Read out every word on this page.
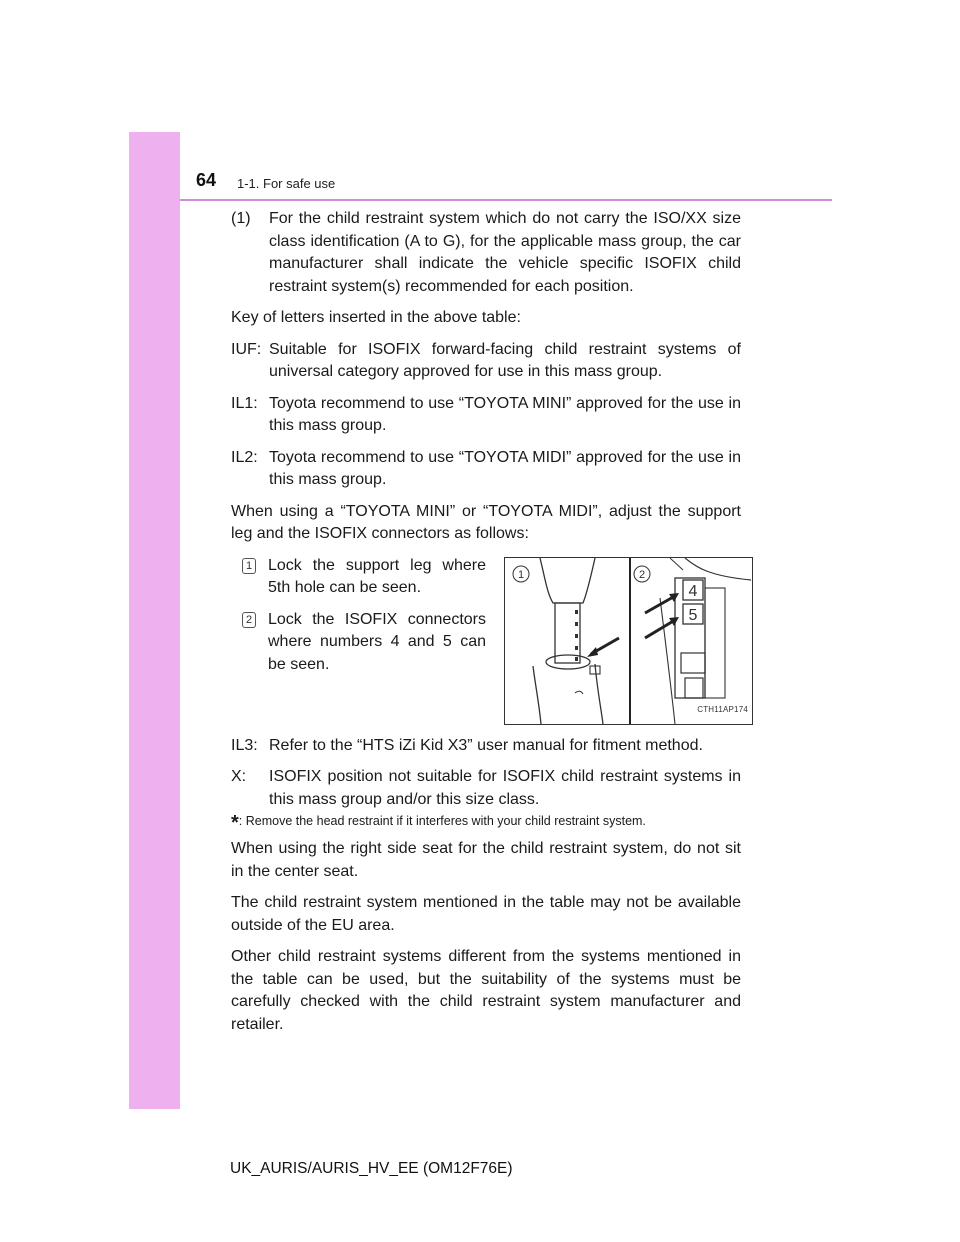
64 1-1. For safe use
(1)	For the child restraint system which do not carry the ISO/XX size class identification (A to G), for the applicable mass group, the car manufacturer shall indicate the vehicle specific ISOFIX child restraint system(s) recommended for each position.

Key of letters inserted in the above table:

IUF: Suitable for ISOFIX forward-facing child restraint systems of universal category approved for use in this mass group.
IL1: Toyota recommend to use “TOYOTA MINI” approved for the use in this mass group.
IL2: Toyota recommend to use “TOYOTA MIDI” approved for the use in this mass group.

When using a “TOYOTA MINI” or “TOYOTA MIDI”, adjust the support leg and the ISOFIX connectors as follows:

1 Lock the support leg where 5th hole can be seen.
2 Lock the ISOFIX connectors where numbers 4 and 5 can be seen.
1
4
5
2
CTH11AP174
IL3: Refer to the “HTS iZi Kid X3” user manual for fitment method.
X:	ISOFIX position not suitable for ISOFIX child restraint systems in this mass group and/or this size class.

*: Remove the head restraint if it interferes with your child restraint system.

When using the right side seat for the child restraint system, do not sit in the center seat.

The child restraint system mentioned in the table may not be available outside of the EU area.

Other child restraint systems different from the systems mentioned in the table can be used, but the suitability of the systems must be carefully checked with the child restraint system manufacturer and retailer.

UK_AURIS/AURIS_HV_EE (OM12F76E)
